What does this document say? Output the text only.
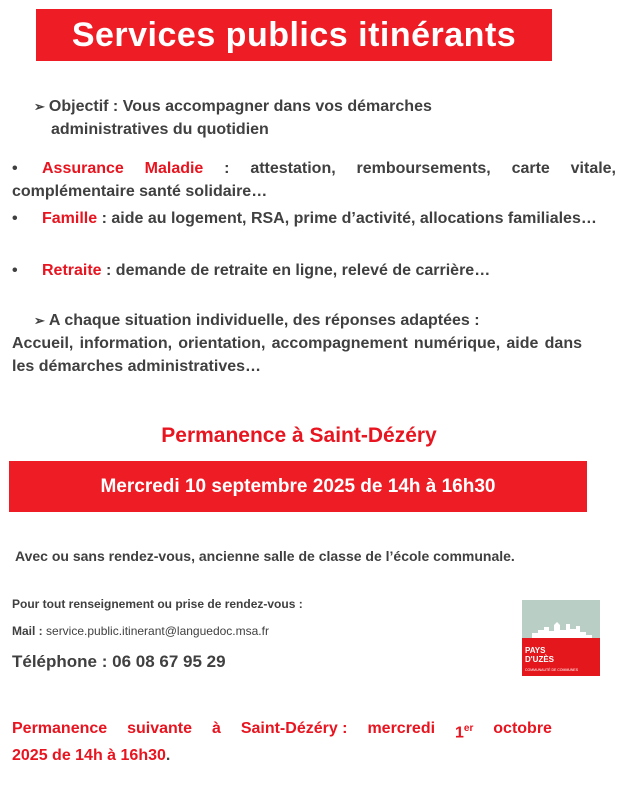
Services publics itinérants
➢ Objectif : Vous accompagner dans vos démarches
administratives du quotidien
• Assurance Maladie : attestation, remboursements, carte vitale, complémentaire santé solidaire…
• Famille : aide au logement, RSA, prime d’activité, allocations familiales…
• Retraite : demande de retraite en ligne, relevé de carrière…
➢ A chaque situation individuelle, des réponses adaptées :
Accueil, information, orientation, accompagnement numérique, aide dans les démarches administratives…
Permanence à Saint-Dézéry
Mercredi 10 septembre 2025 de 14h à 16h30
Avec ou sans rendez-vous, ancienne salle de classe de l’école communale.
Pour tout renseignement ou prise de rendez-vous :
Mail : service.public.itinerant@languedoc.msa.fr
Téléphone : 06 08 67 95 29
PAYS
D'UZÈS
COMMUNAUTÉ DE COMMUNES
Permanence suivante à Saint-Dézéry : mercredi 1er octobre
2025 de 14h à 16h30.
